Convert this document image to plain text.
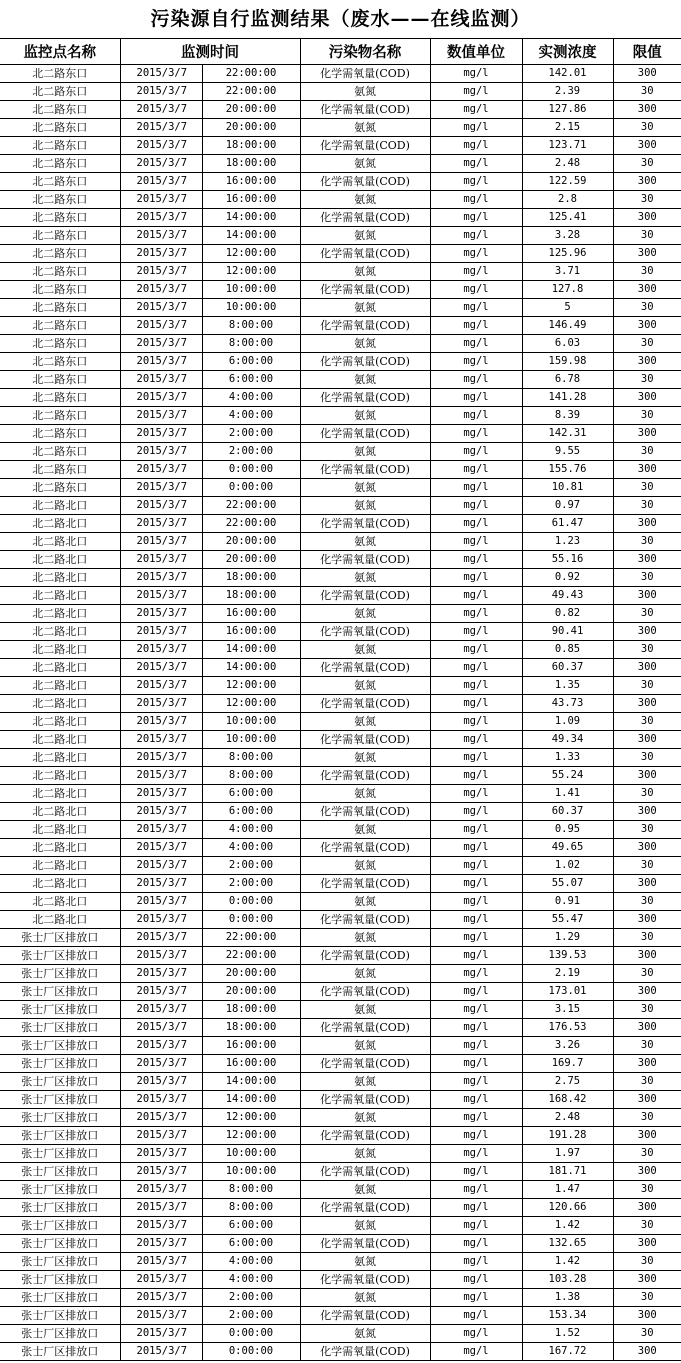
污染源自行监测结果（废水——在线监测）
监控点名称	监测时间		污染物名称	数值单位	实测浓度	限值
北二路东口	2015/3/7	22:00:00	化学需氧量(COD)	mg/l	142.01	300
北二路东口	2015/3/7	22:00:00	氨氮	mg/l	2.39	30
北二路东口	2015/3/7	20:00:00	化学需氧量(COD)	mg/l	127.86	300
北二路东口	2015/3/7	20:00:00	氨氮	mg/l	2.15	30
北二路东口	2015/3/7	18:00:00	化学需氧量(COD)	mg/l	123.71	300
北二路东口	2015/3/7	18:00:00	氨氮	mg/l	2.48	30
北二路东口	2015/3/7	16:00:00	化学需氧量(COD)	mg/l	122.59	300
北二路东口	2015/3/7	16:00:00	氨氮	mg/l	2.8	30
北二路东口	2015/3/7	14:00:00	化学需氧量(COD)	mg/l	125.41	300
北二路东口	2015/3/7	14:00:00	氨氮	mg/l	3.28	30
北二路东口	2015/3/7	12:00:00	化学需氧量(COD)	mg/l	125.96	300
北二路东口	2015/3/7	12:00:00	氨氮	mg/l	3.71	30
北二路东口	2015/3/7	10:00:00	化学需氧量(COD)	mg/l	127.8	300
北二路东口	2015/3/7	10:00:00	氨氮	mg/l	5	30
北二路东口	2015/3/7	8:00:00	化学需氧量(COD)	mg/l	146.49	300
北二路东口	2015/3/7	8:00:00	氨氮	mg/l	6.03	30
北二路东口	2015/3/7	6:00:00	化学需氧量(COD)	mg/l	159.98	300
北二路东口	2015/3/7	6:00:00	氨氮	mg/l	6.78	30
北二路东口	2015/3/7	4:00:00	化学需氧量(COD)	mg/l	141.28	300
北二路东口	2015/3/7	4:00:00	氨氮	mg/l	8.39	30
北二路东口	2015/3/7	2:00:00	化学需氧量(COD)	mg/l	142.31	300
北二路东口	2015/3/7	2:00:00	氨氮	mg/l	9.55	30
北二路东口	2015/3/7	0:00:00	化学需氧量(COD)	mg/l	155.76	300
北二路东口	2015/3/7	0:00:00	氨氮	mg/l	10.81	30
北二路北口	2015/3/7	22:00:00	氨氮	mg/l	0.97	30
北二路北口	2015/3/7	22:00:00	化学需氧量(COD)	mg/l	61.47	300
北二路北口	2015/3/7	20:00:00	氨氮	mg/l	1.23	30
北二路北口	2015/3/7	20:00:00	化学需氧量(COD)	mg/l	55.16	300
北二路北口	2015/3/7	18:00:00	氨氮	mg/l	0.92	30
北二路北口	2015/3/7	18:00:00	化学需氧量(COD)	mg/l	49.43	300
北二路北口	2015/3/7	16:00:00	氨氮	mg/l	0.82	30
北二路北口	2015/3/7	16:00:00	化学需氧量(COD)	mg/l	90.41	300
北二路北口	2015/3/7	14:00:00	氨氮	mg/l	0.85	30
北二路北口	2015/3/7	14:00:00	化学需氧量(COD)	mg/l	60.37	300
北二路北口	2015/3/7	12:00:00	氨氮	mg/l	1.35	30
北二路北口	2015/3/7	12:00:00	化学需氧量(COD)	mg/l	43.73	300
北二路北口	2015/3/7	10:00:00	氨氮	mg/l	1.09	30
北二路北口	2015/3/7	10:00:00	化学需氧量(COD)	mg/l	49.34	300
北二路北口	2015/3/7	8:00:00	氨氮	mg/l	1.33	30
北二路北口	2015/3/7	8:00:00	化学需氧量(COD)	mg/l	55.24	300
北二路北口	2015/3/7	6:00:00	氨氮	mg/l	1.41	30
北二路北口	2015/3/7	6:00:00	化学需氧量(COD)	mg/l	60.37	300
北二路北口	2015/3/7	4:00:00	氨氮	mg/l	0.95	30
北二路北口	2015/3/7	4:00:00	化学需氧量(COD)	mg/l	49.65	300
北二路北口	2015/3/7	2:00:00	氨氮	mg/l	1.02	30
北二路北口	2015/3/7	2:00:00	化学需氧量(COD)	mg/l	55.07	300
北二路北口	2015/3/7	0:00:00	氨氮	mg/l	0.91	30
北二路北口	2015/3/7	0:00:00	化学需氧量(COD)	mg/l	55.47	300
张士厂区排放口	2015/3/7	22:00:00	氨氮	mg/l	1.29	30
张士厂区排放口	2015/3/7	22:00:00	化学需氧量(COD)	mg/l	139.53	300
张士厂区排放口	2015/3/7	20:00:00	氨氮	mg/l	2.19	30
张士厂区排放口	2015/3/7	20:00:00	化学需氧量(COD)	mg/l	173.01	300
张士厂区排放口	2015/3/7	18:00:00	氨氮	mg/l	3.15	30
张士厂区排放口	2015/3/7	18:00:00	化学需氧量(COD)	mg/l	176.53	300
张士厂区排放口	2015/3/7	16:00:00	氨氮	mg/l	3.26	30
张士厂区排放口	2015/3/7	16:00:00	化学需氧量(COD)	mg/l	169.7	300
张士厂区排放口	2015/3/7	14:00:00	氨氮	mg/l	2.75	30
张士厂区排放口	2015/3/7	14:00:00	化学需氧量(COD)	mg/l	168.42	300
张士厂区排放口	2015/3/7	12:00:00	氨氮	mg/l	2.48	30
张士厂区排放口	2015/3/7	12:00:00	化学需氧量(COD)	mg/l	191.28	300
张士厂区排放口	2015/3/7	10:00:00	氨氮	mg/l	1.97	30
张士厂区排放口	2015/3/7	10:00:00	化学需氧量(COD)	mg/l	181.71	300
张士厂区排放口	2015/3/7	8:00:00	氨氮	mg/l	1.47	30
张士厂区排放口	2015/3/7	8:00:00	化学需氧量(COD)	mg/l	120.66	300
张士厂区排放口	2015/3/7	6:00:00	氨氮	mg/l	1.42	30
张士厂区排放口	2015/3/7	6:00:00	化学需氧量(COD)	mg/l	132.65	300
张士厂区排放口	2015/3/7	4:00:00	氨氮	mg/l	1.42	30
张士厂区排放口	2015/3/7	4:00:00	化学需氧量(COD)	mg/l	103.28	300
张士厂区排放口	2015/3/7	2:00:00	氨氮	mg/l	1.38	30
张士厂区排放口	2015/3/7	2:00:00	化学需氧量(COD)	mg/l	153.34	300
张士厂区排放口	2015/3/7	0:00:00	氨氮	mg/l	1.52	30
张士厂区排放口	2015/3/7	0:00:00	化学需氧量(COD)	mg/l	167.72	300
